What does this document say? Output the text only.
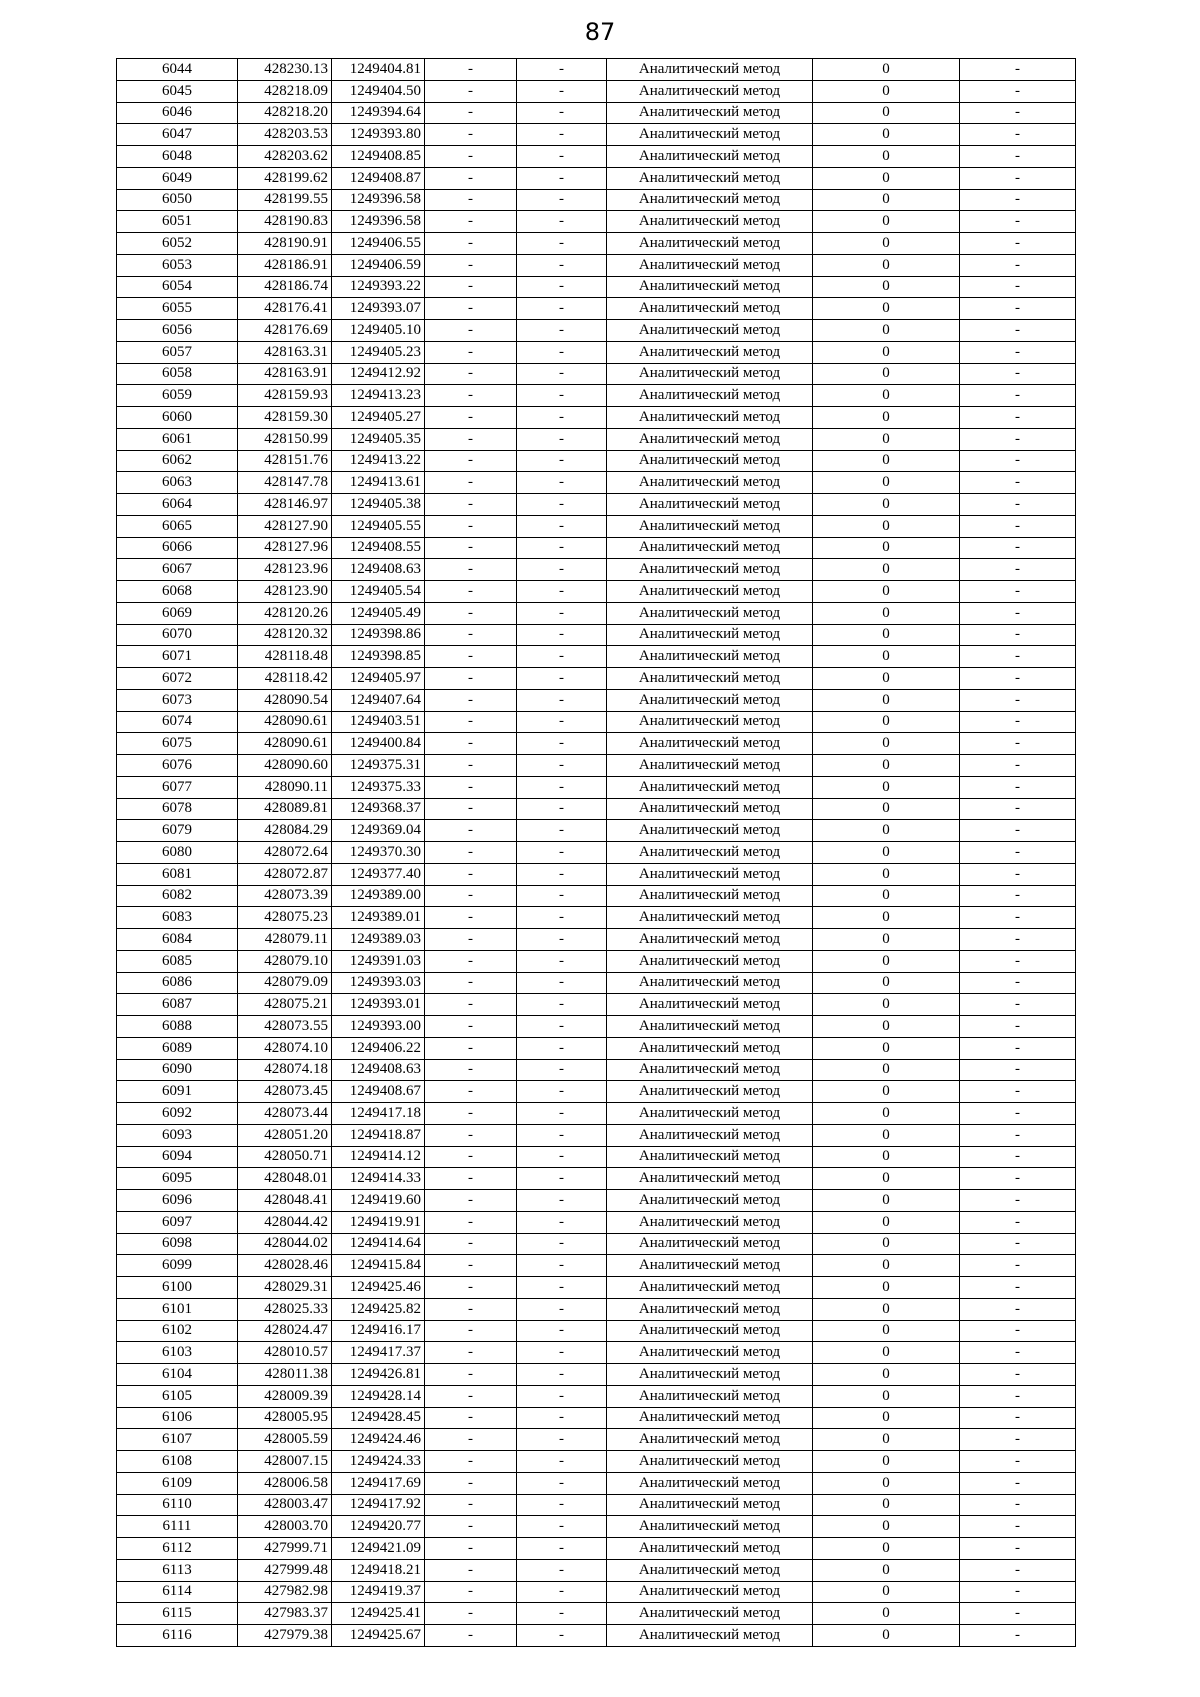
87
6044	428230.13	1249404.81	-	-	Аналитический метод	0	-
6045	428218.09	1249404.50	-	-	Аналитический метод	0	-
6046	428218.20	1249394.64	-	-	Аналитический метод	0	-
6047	428203.53	1249393.80	-	-	Аналитический метод	0	-
6048	428203.62	1249408.85	-	-	Аналитический метод	0	-
6049	428199.62	1249408.87	-	-	Аналитический метод	0	-
6050	428199.55	1249396.58	-	-	Аналитический метод	0	-
6051	428190.83	1249396.58	-	-	Аналитический метод	0	-
6052	428190.91	1249406.55	-	-	Аналитический метод	0	-
6053	428186.91	1249406.59	-	-	Аналитический метод	0	-
6054	428186.74	1249393.22	-	-	Аналитический метод	0	-
6055	428176.41	1249393.07	-	-	Аналитический метод	0	-
6056	428176.69	1249405.10	-	-	Аналитический метод	0	-
6057	428163.31	1249405.23	-	-	Аналитический метод	0	-
6058	428163.91	1249412.92	-	-	Аналитический метод	0	-
6059	428159.93	1249413.23	-	-	Аналитический метод	0	-
6060	428159.30	1249405.27	-	-	Аналитический метод	0	-
6061	428150.99	1249405.35	-	-	Аналитический метод	0	-
6062	428151.76	1249413.22	-	-	Аналитический метод	0	-
6063	428147.78	1249413.61	-	-	Аналитический метод	0	-
6064	428146.97	1249405.38	-	-	Аналитический метод	0	-
6065	428127.90	1249405.55	-	-	Аналитический метод	0	-
6066	428127.96	1249408.55	-	-	Аналитический метод	0	-
6067	428123.96	1249408.63	-	-	Аналитический метод	0	-
6068	428123.90	1249405.54	-	-	Аналитический метод	0	-
6069	428120.26	1249405.49	-	-	Аналитический метод	0	-
6070	428120.32	1249398.86	-	-	Аналитический метод	0	-
6071	428118.48	1249398.85	-	-	Аналитический метод	0	-
6072	428118.42	1249405.97	-	-	Аналитический метод	0	-
6073	428090.54	1249407.64	-	-	Аналитический метод	0	-
6074	428090.61	1249403.51	-	-	Аналитический метод	0	-
6075	428090.61	1249400.84	-	-	Аналитический метод	0	-
6076	428090.60	1249375.31	-	-	Аналитический метод	0	-
6077	428090.11	1249375.33	-	-	Аналитический метод	0	-
6078	428089.81	1249368.37	-	-	Аналитический метод	0	-
6079	428084.29	1249369.04	-	-	Аналитический метод	0	-
6080	428072.64	1249370.30	-	-	Аналитический метод	0	-
6081	428072.87	1249377.40	-	-	Аналитический метод	0	-
6082	428073.39	1249389.00	-	-	Аналитический метод	0	-
6083	428075.23	1249389.01	-	-	Аналитический метод	0	-
6084	428079.11	1249389.03	-	-	Аналитический метод	0	-
6085	428079.10	1249391.03	-	-	Аналитический метод	0	-
6086	428079.09	1249393.03	-	-	Аналитический метод	0	-
6087	428075.21	1249393.01	-	-	Аналитический метод	0	-
6088	428073.55	1249393.00	-	-	Аналитический метод	0	-
6089	428074.10	1249406.22	-	-	Аналитический метод	0	-
6090	428074.18	1249408.63	-	-	Аналитический метод	0	-
6091	428073.45	1249408.67	-	-	Аналитический метод	0	-
6092	428073.44	1249417.18	-	-	Аналитический метод	0	-
6093	428051.20	1249418.87	-	-	Аналитический метод	0	-
6094	428050.71	1249414.12	-	-	Аналитический метод	0	-
6095	428048.01	1249414.33	-	-	Аналитический метод	0	-
6096	428048.41	1249419.60	-	-	Аналитический метод	0	-
6097	428044.42	1249419.91	-	-	Аналитический метод	0	-
6098	428044.02	1249414.64	-	-	Аналитический метод	0	-
6099	428028.46	1249415.84	-	-	Аналитический метод	0	-
6100	428029.31	1249425.46	-	-	Аналитический метод	0	-
6101	428025.33	1249425.82	-	-	Аналитический метод	0	-
6102	428024.47	1249416.17	-	-	Аналитический метод	0	-
6103	428010.57	1249417.37	-	-	Аналитический метод	0	-
6104	428011.38	1249426.81	-	-	Аналитический метод	0	-
6105	428009.39	1249428.14	-	-	Аналитический метод	0	-
6106	428005.95	1249428.45	-	-	Аналитический метод	0	-
6107	428005.59	1249424.46	-	-	Аналитический метод	0	-
6108	428007.15	1249424.33	-	-	Аналитический метод	0	-
6109	428006.58	1249417.69	-	-	Аналитический метод	0	-
6110	428003.47	1249417.92	-	-	Аналитический метод	0	-
6111	428003.70	1249420.77	-	-	Аналитический метод	0	-
6112	427999.71	1249421.09	-	-	Аналитический метод	0	-
6113	427999.48	1249418.21	-	-	Аналитический метод	0	-
6114	427982.98	1249419.37	-	-	Аналитический метод	0	-
6115	427983.37	1249425.41	-	-	Аналитический метод	0	-
6116	427979.38	1249425.67	-	-	Аналитический метод	0	-
